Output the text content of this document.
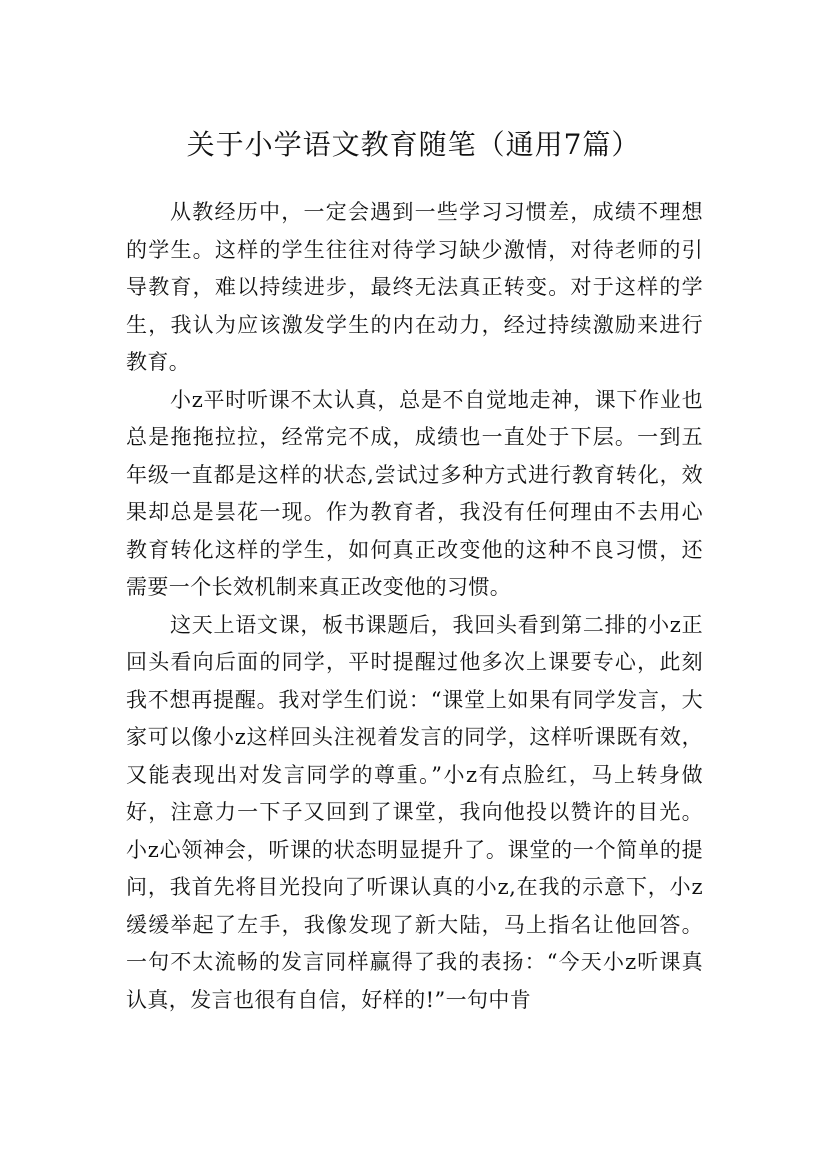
关于小学语文教育随笔（通用7篇）

从教经历中，一定会遇到一些学习习惯差，成绩不理想的学生。这样的学生往往对待学习缺少激情，对待老师的引导教育，难以持续进步，最终无法真正转变。对于这样的学生，我认为应该激发学生的内在动力，经过持续激励来进行教育。

小z平时听课不太认真，总是不自觉地走神，课下作业也总是拖拖拉拉，经常完不成，成绩也一直处于下层。一到五年级一直都是这样的状态,尝试过多种方式进行教育转化，效果却总是昙花一现。作为教育者，我没有任何理由不去用心教育转化这样的学生，如何真正改变他的这种不良习惯，还需要一个长效机制来真正改变他的习惯。

这天上语文课，板书课题后，我回头看到第二排的小z正回头看向后面的同学，平时提醒过他多次上课要专心，此刻我不想再提醒。我对学生们说：“课堂上如果有同学发言，大家可以像小z这样回头注视着发言的同学，这样听课既有效，又能表现出对发言同学的尊重。”小z有点脸红，马上转身做好，注意力一下子又回到了课堂，我向他投以赞许的目光。小z心领神会，听课的状态明显提升了。课堂的一个简单的提问，我首先将目光投向了听课认真的小z,在我的示意下，小z缓缓举起了左手，我像发现了新大陆，马上指名让他回答。一句不太流畅的发言同样赢得了我的表扬：“今天小z听课真认真，发言也很有自信，好样的!”一句中肯
